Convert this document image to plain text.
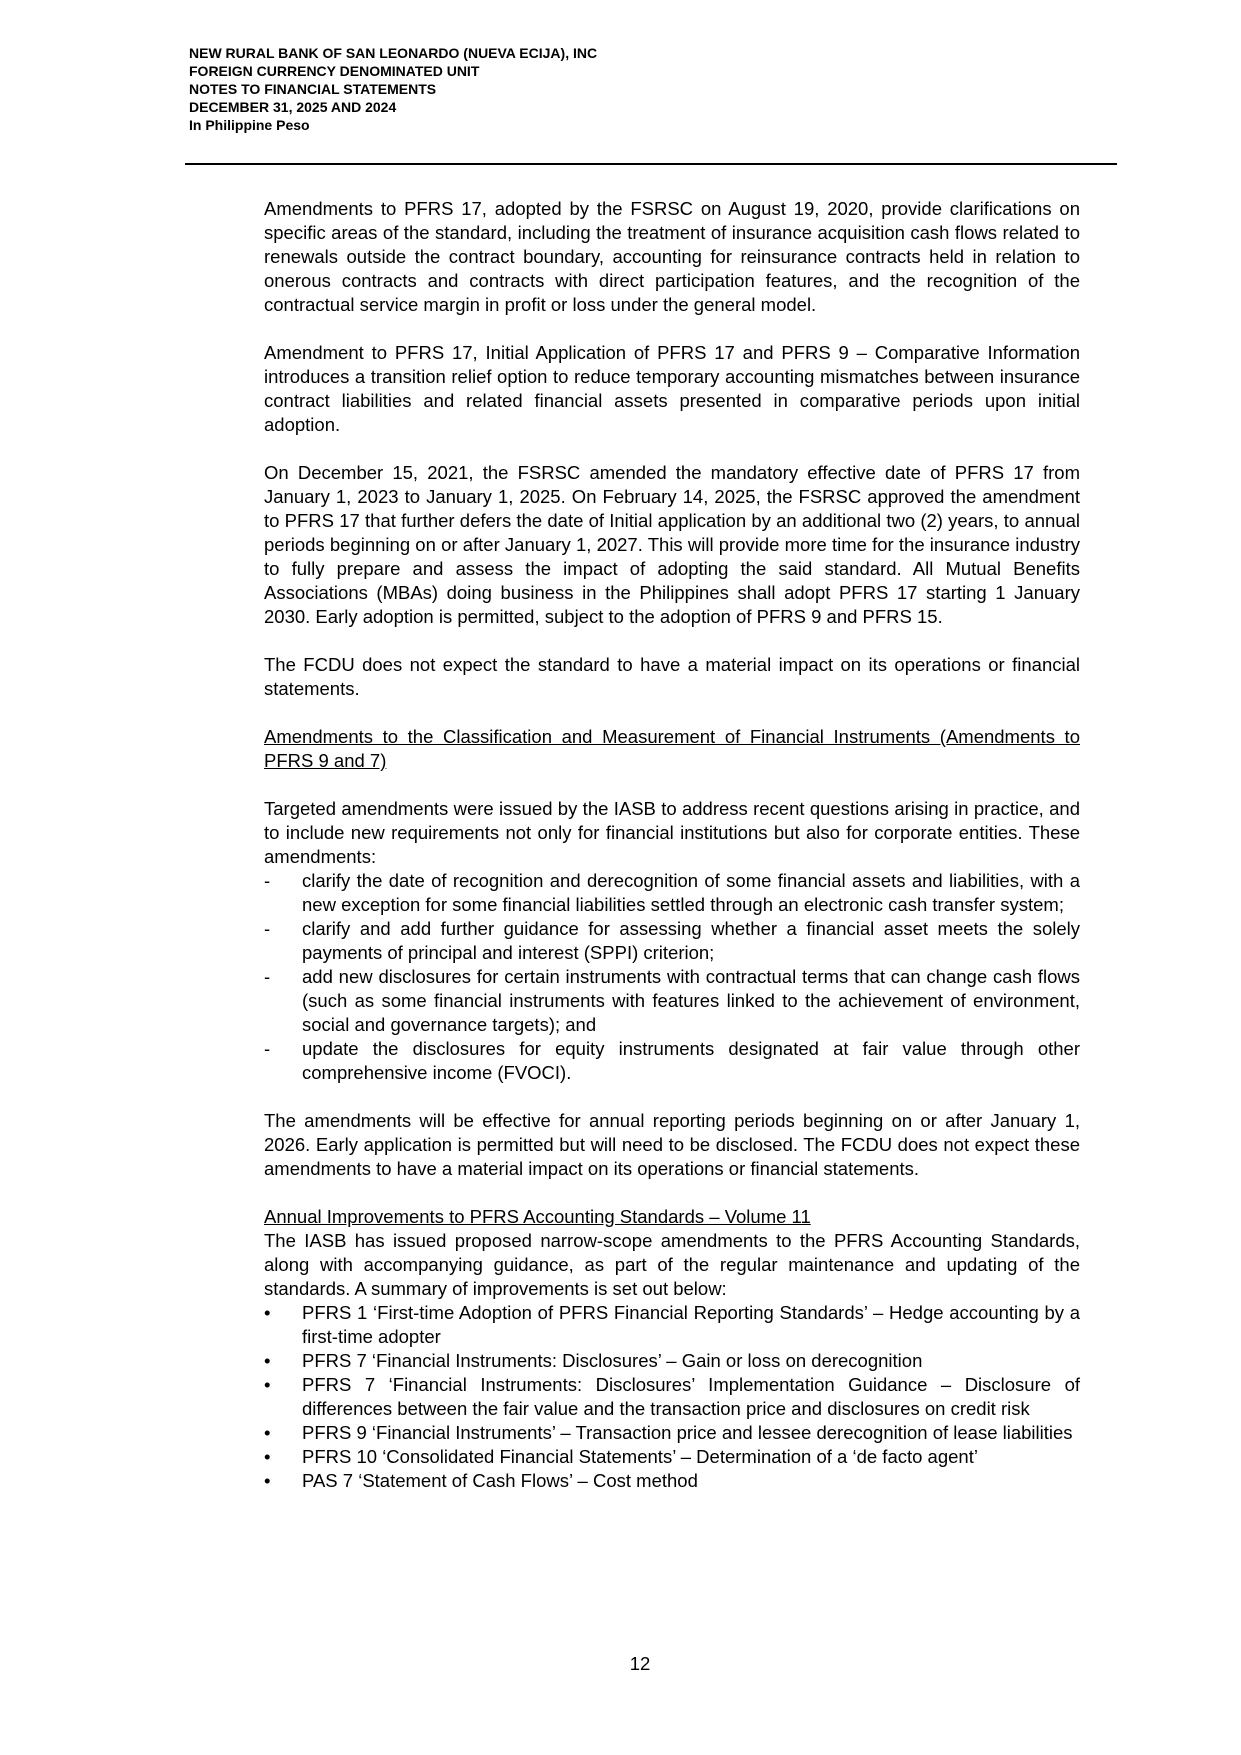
NEW RURAL BANK OF SAN LEONARDO (NUEVA ECIJA), INC
FOREIGN CURRENCY DENOMINATED UNIT
NOTES TO FINANCIAL STATEMENTS
DECEMBER 31, 2025 AND 2024
In Philippine Peso

Amendments to PFRS 17, adopted by the FSRSC on August 19, 2020, provide clarifications on specific areas of the standard, including the treatment of insurance acquisition cash flows related to renewals outside the contract boundary, accounting for reinsurance contracts held in relation to onerous contracts and contracts with direct participation features, and the recognition of the contractual service margin in profit or loss under the general model.

Amendment to PFRS 17, Initial Application of PFRS 17 and PFRS 9 – Comparative Information introduces a transition relief option to reduce temporary accounting mismatches between insurance contract liabilities and related financial assets presented in comparative periods upon initial adoption.

On December 15, 2021, the FSRSC amended the mandatory effective date of PFRS 17 from January 1, 2023 to January 1, 2025. On February 14, 2025, the FSRSC approved the amendment to PFRS 17 that further defers the date of Initial application by an additional two (2) years, to annual periods beginning on or after January 1, 2027. This will provide more time for the insurance industry to fully prepare and assess the impact of adopting the said standard. All Mutual Benefits Associations (MBAs) doing business in the Philippines shall adopt PFRS 17 starting 1 January 2030. Early adoption is permitted, subject to the adoption of PFRS 9 and PFRS 15.

The FCDU does not expect the standard to have a material impact on its operations or financial statements.

Amendments to the Classification and Measurement of Financial Instruments (Amendments to PFRS 9 and 7)

Targeted amendments were issued by the IASB to address recent questions arising in practice, and to include new requirements not only for financial institutions but also for corporate entities. These amendments:

-	clarify the date of recognition and derecognition of some financial assets and liabilities, with a new exception for some financial liabilities settled through an electronic cash transfer system;
-	clarify and add further guidance for assessing whether a financial asset meets the solely payments of principal and interest (SPPI) criterion;
-	add new disclosures for certain instruments with contractual terms that can change cash flows (such as some financial instruments with features linked to the achievement of environment, social and governance targets); and
-	update the disclosures for equity instruments designated at fair value through other comprehensive income (FVOCI).

The amendments will be effective for annual reporting periods beginning on or after January 1, 2026. Early application is permitted but will need to be disclosed. The FCDU does not expect these amendments to have a material impact on its operations or financial statements.

Annual Improvements to PFRS Accounting Standards – Volume 11

The IASB has issued proposed narrow-scope amendments to the PFRS Accounting Standards, along with accompanying guidance, as part of the regular maintenance and updating of the standards. A summary of improvements is set out below:

•	PFRS 1 ‘First-time Adoption of PFRS Financial Reporting Standards’ – Hedge accounting by a first-time adopter
•	PFRS 7 ‘Financial Instruments: Disclosures’ – Gain or loss on derecognition
•	PFRS 7 ‘Financial Instruments: Disclosures’ Implementation Guidance – Disclosure of differences between the fair value and the transaction price and disclosures on credit risk
•	PFRS 9 ‘Financial Instruments’ – Transaction price and lessee derecognition of lease liabilities
•	PFRS 10 ‘Consolidated Financial Statements’ – Determination of a ‘de facto agent’
•	PAS 7 ‘Statement of Cash Flows’ – Cost method
12
